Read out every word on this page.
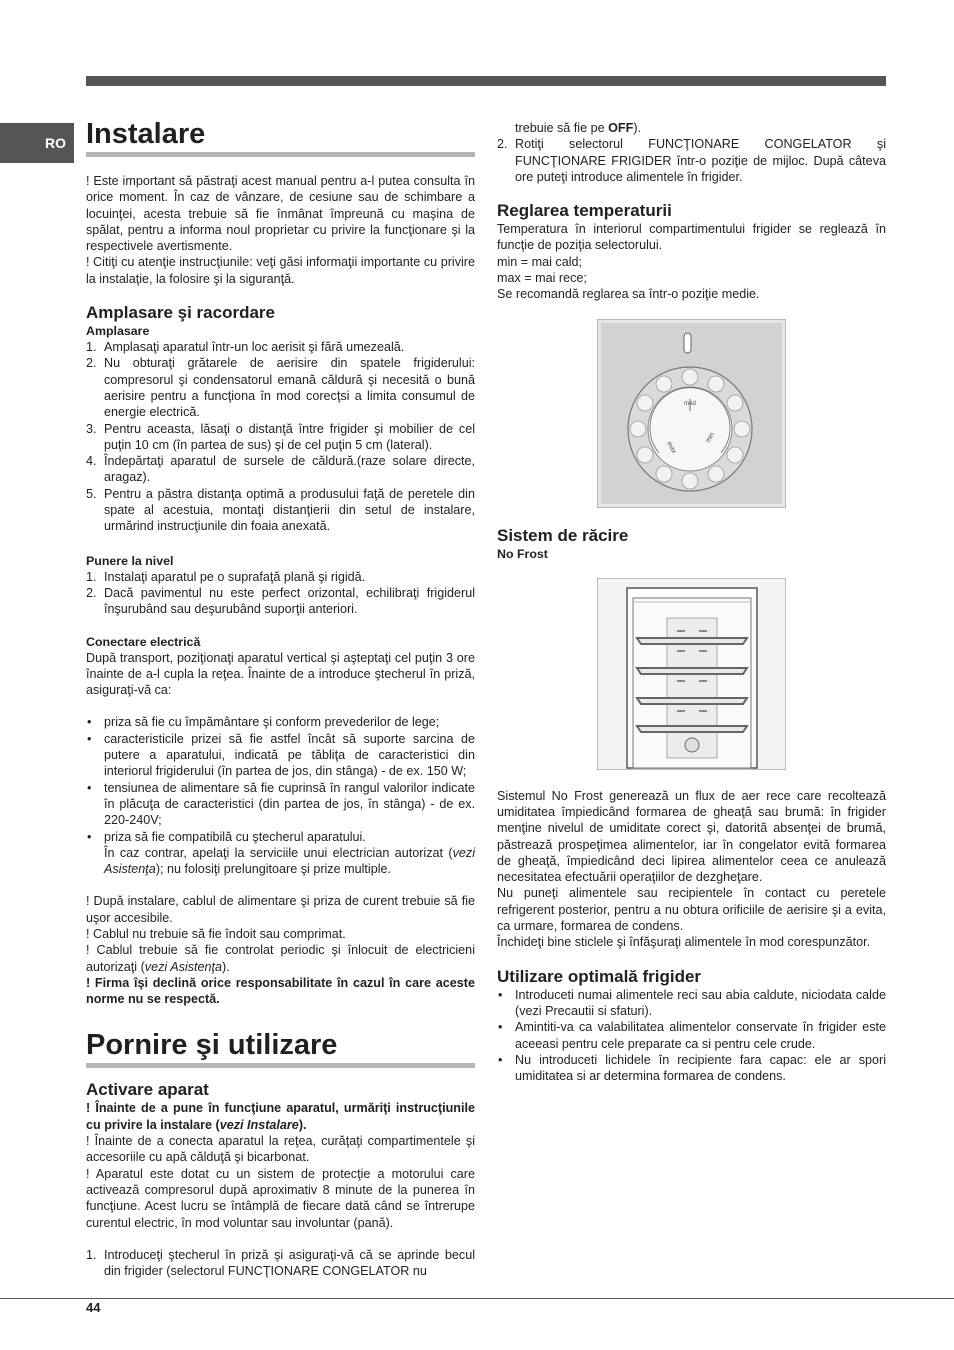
RO Instalare

! Este important să păstraţi acest manual pentru a-l putea consulta în orice moment. În caz de vânzare, de cesiune sau de schimbare a locuinţei, acesta trebuie să fie înmânat împreună cu maşina de spălat, pentru a informa noul proprietar cu privire la funcţionare şi la respectivele avertismente.

! Citiţi cu atenţie instrucţiunile: veţi găsi informaţii importante cu privire la instalaţie, la folosire şi la siguranţă.

Amplasare şi racordare
Amplasare
1. Amplasaţi aparatul într-un loc aerisit şi fără umezeală.
2. Nu obturaţi grătarele de aerisire din spatele frigiderului: compresorul şi condensatorul emană căldură şi necesită o bună aerisire pentru a funcţiona în mod corecţsi a limita consumul de energie electrică.
3. Pentru aceasta, lăsaţi o distanţă între frigider şi mobilier de cel puţin 10 cm (în partea de sus) şi de cel puţin 5 cm (lateral).
4. Îndepărtaţi aparatul de sursele de căldură.(raze solare directe, aragaz).
5. Pentru a păstra distanţa optimă a produsului faţă de peretele din spate al acestuia, montaţi distanţierii din setul de instalare, urmărind instrucţiunile din foaia anexată.
Punere la nivel
1. Instalaţi aparatul pe o suprafaţă plană şi rigidă.
2. Dacă pavimentul nu este perfect orizontal, echilibraţi frigiderul înşurubând sau deşurubând suporţii anteriori.
Conectare electrică

După transport, poziţionaţi aparatul vertical şi aşteptaţi cel puţin 3 ore înainte de a-l cupla la reţea. Înainte de a introduce ştecherul în priză, asiguraţi-vă ca:

• priza să fie cu împământare şi conform prevederilor de lege;
• caracteristicile prizei să fie astfel încât să suporte sarcina de putere a aparatului, indicată pe tăbliţa de caracteristici din interiorul frigiderului (în partea de jos, din stânga) - de ex. 150 W;
• tensiunea de alimentare să fie cuprinsă în rangul valorilor indicate în plăcuţa de caracteristici (din partea de jos, în stânga) - de ex. 220-240V;
• priza să fie compatibilă cu ştecherul aparatului.
În caz contrar, apelaţi la serviciile unui electrician autorizat (vezi Asistenţa); nu folosiţi prelungitoare şi prize multiple.

! După instalare, cablul de alimentare şi priza de curent trebuie să fie uşor accesibile.

! Cablul nu trebuie să fie îndoit sau comprimat.

! Cablul trebuie să fie controlat periodic şi înlocuit de electricieni autorizaţi (vezi Asistenţa).

! Firma îşi declină orice responsabilitate în cazul în care aceste norme nu se respectă.

Pornire şi utilizare
Activare aparat

! Înainte de a pune în funcţiune aparatul, urmăriţi instrucţiunile cu privire la instalare (vezi Instalare).

! Înainte de a conecta aparatul la reţea, curăţaţi compartimentele şi accesoriile cu apă călduţă şi bicarbonat.

! Aparatul este dotat cu un sistem de protecţie a motorului care activează compresorul după aproximativ 8 minute de la punerea în funcţiune. Acest lucru se întâmplă de fiecare dată când se întrerupe curentul electric, în mod voluntar sau involuntar (pană).

1. Introduceţi ştecherul în priză şi asiguraţi-vă că se aprinde becul din frigider (selectorul FUNCŢIONARE CONGELATOR nu
trebuie să fie pe OFF).
2. Rotiţi selectorul FUNCŢIONARE CONGELATOR şi FUNCŢIONARE FRIGIDER într-o poziţie de mijloc. După câteva ore puteţi introduce alimentele în frigider.
Reglarea temperaturii

Temperatura în interiorul compartimentului frigider se reglează în funcţie de poziţia selectorului.

min = mai cald;

max = mai rece;

Se recomandă reglarea sa într-o poziţie medie.

med
max
min
Sistem de răcire
No Frost

Sistemul No Frost generează un flux de aer rece care recoltează umiditatea împiedicând formarea de gheaţă sau brumă: în frigider menţine nivelul de umiditate corect şi, datorită absenţei de brumă, păstrează prospeţimea alimentelor, iar în congelator evită formarea de gheaţă, împiedicând deci lipirea alimentelor ceea ce anulează necesitatea efectuării operaţiilor de dezgheţare.

Nu puneţi alimentele sau recipientele în contact cu peretele refrigerent posterior, pentru a nu obtura orificiile de aerisire şi a evita, ca urmare, formarea de condens.

Închideţi bine sticlele şi înfăşuraţi alimentele în mod corespunzător.

Utilizare optimală frigider
• Introduceti numai alimentele reci sau abia caldute, niciodata calde (vezi Precautii si sfaturi).
• Amintiti-va ca valabilitatea alimentelor conservate în frigider este aceeasi pentru cele preparate ca si pentru cele crude.
• Nu introduceti lichidele în recipiente fara capac: ele ar spori umiditatea si ar determina formarea de condens.
44
